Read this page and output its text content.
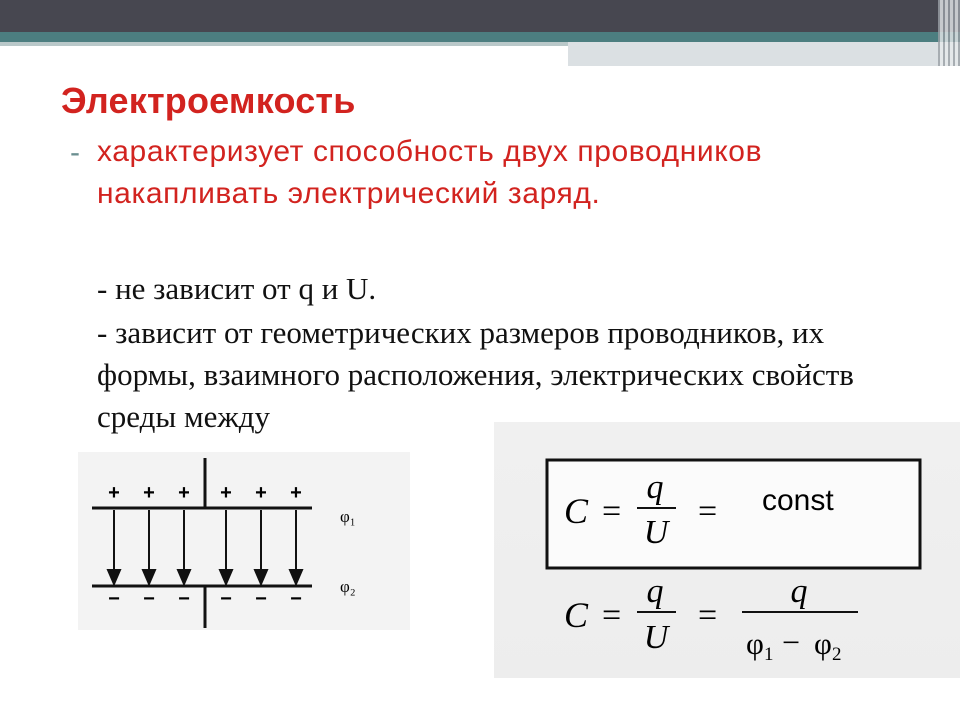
Электроемкость
- характеризует способность двух проводников накапливать электрический заряд.

- не зависит от q и U.

- зависит от геометрических размеров проводников, их формы, взаимного расположения, электрических свойств среды между

+ + + + + +
− − − − − −
φ₁
φ₂
C =
q
U
= const
C =
q
U
=
q
φ 1 − φ 2
